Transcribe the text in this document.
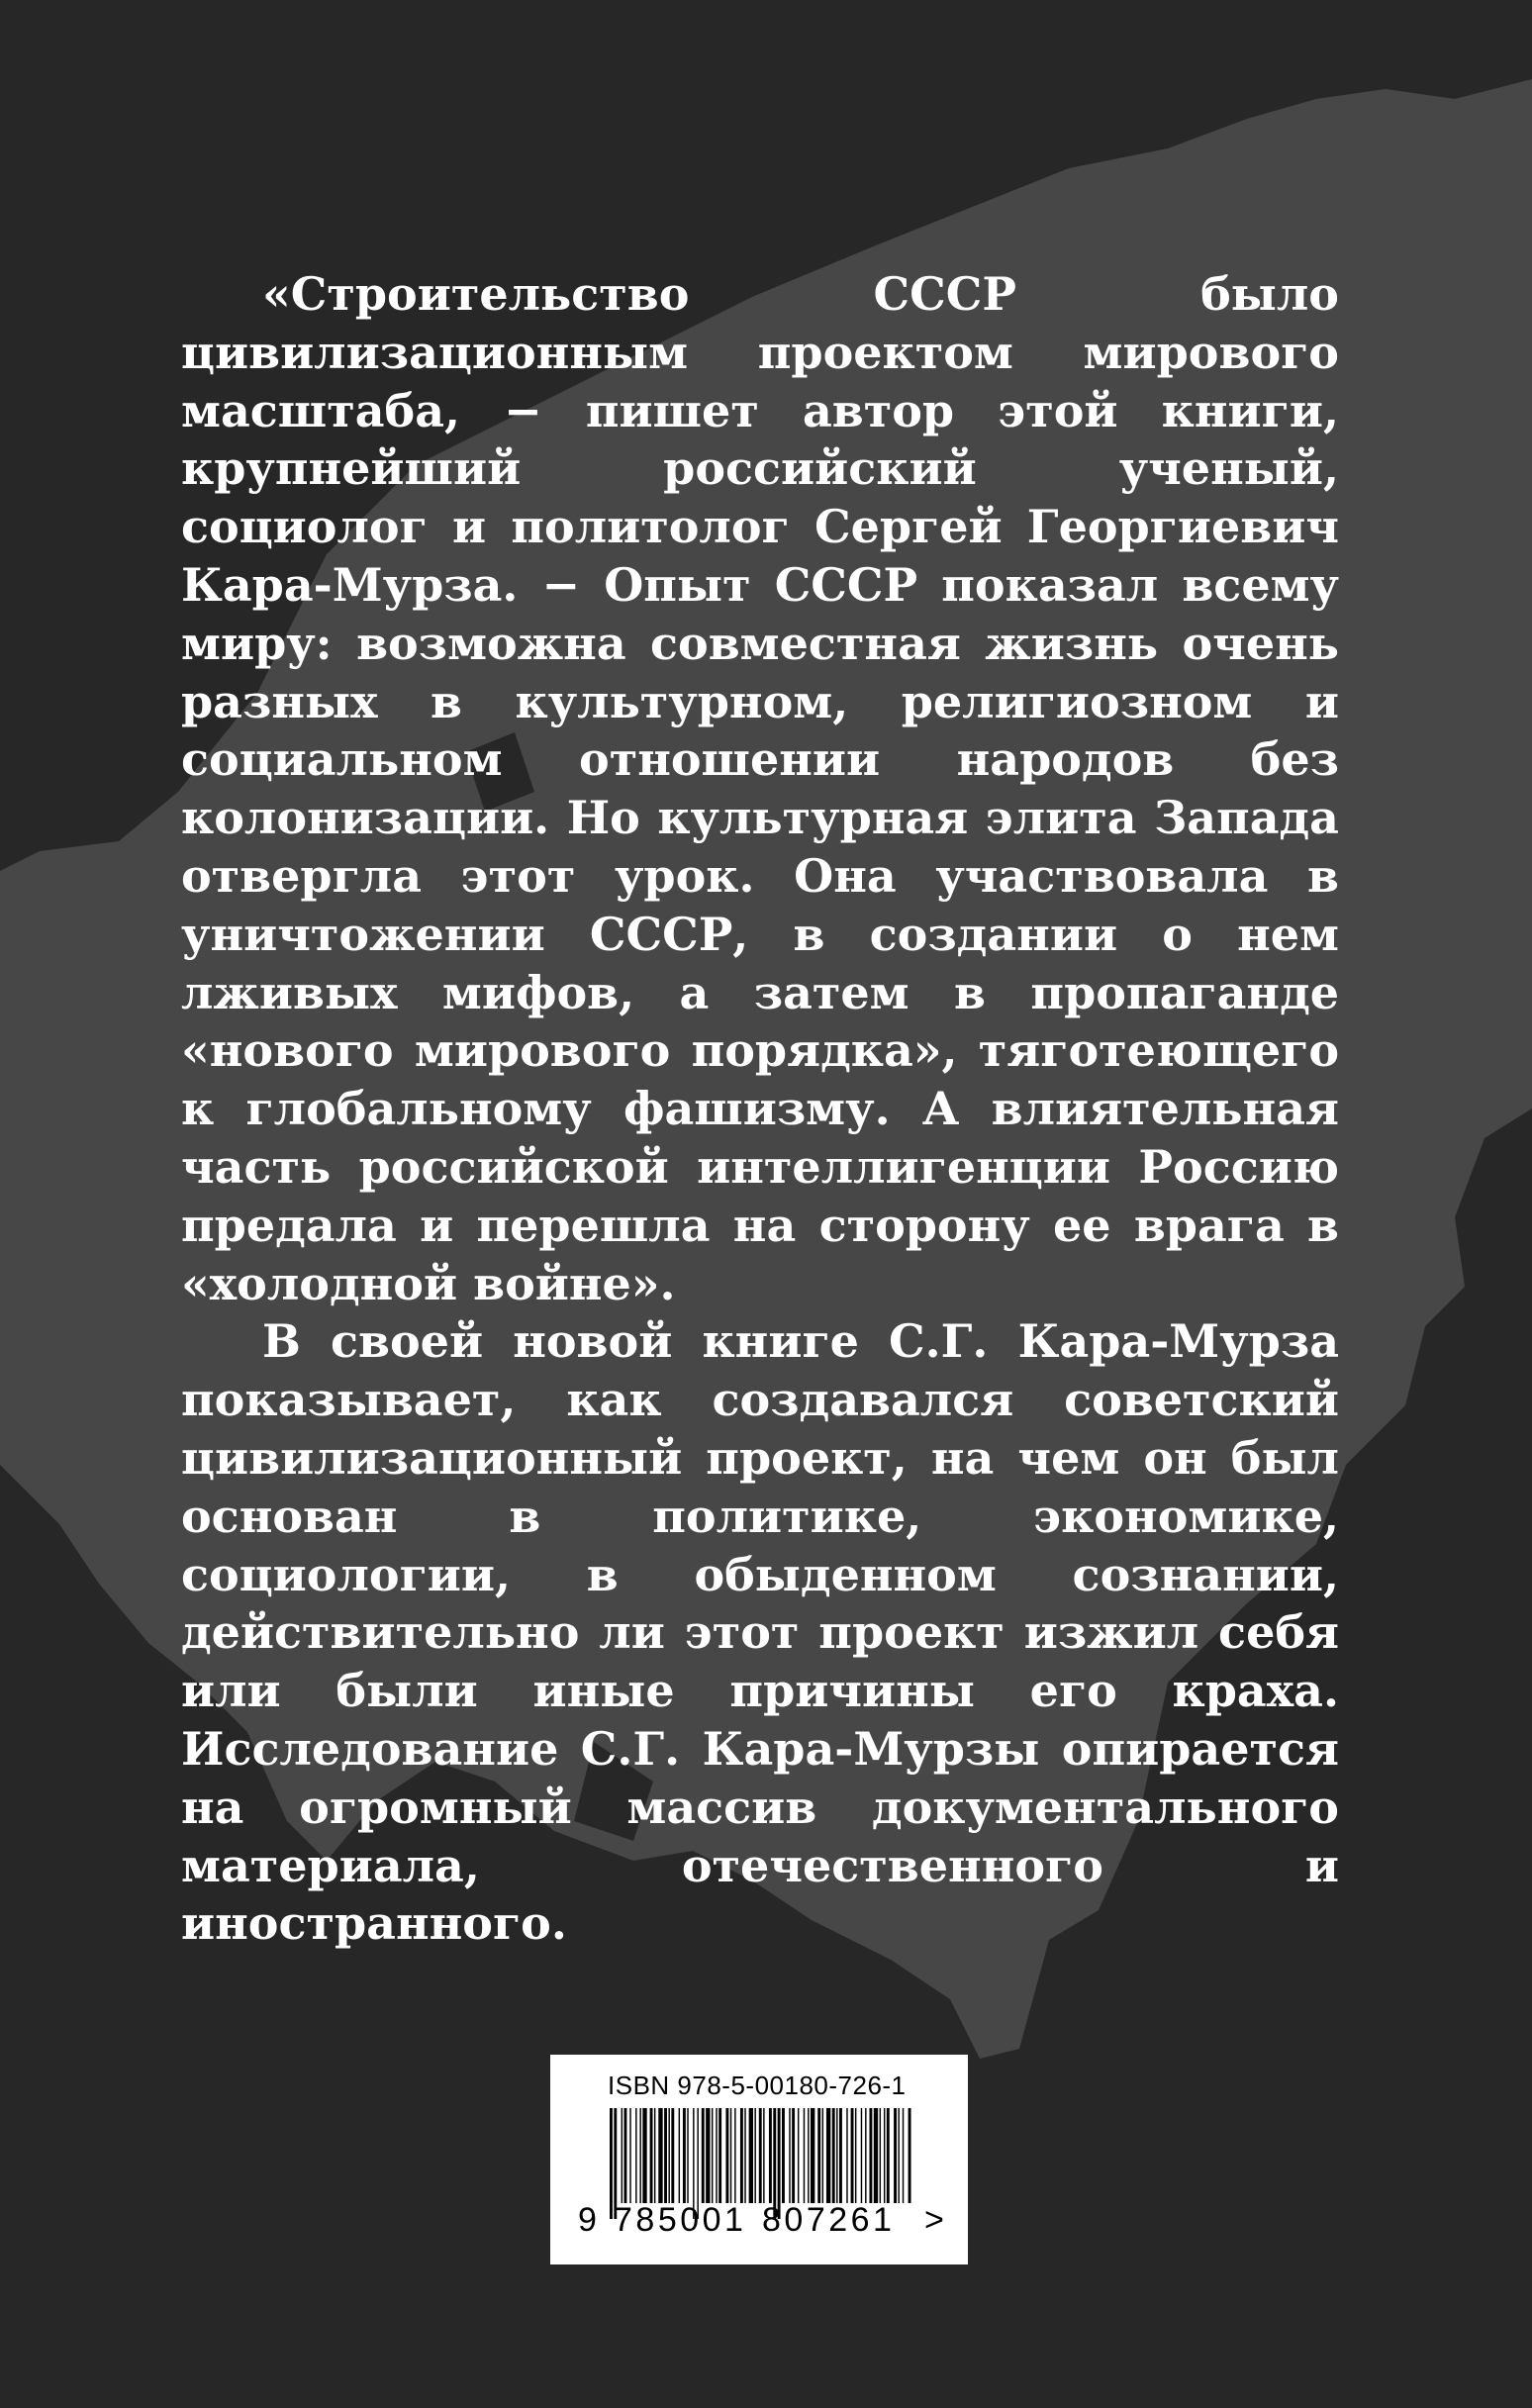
«Строительство СССР было цивилизационным проектом мирового масштаба, − пишет автор этой книги, крупнейший российский ученый, социолог и политолог Сергей Георгиевич Кара-Мурза. − Опыт СССР показал всему миру: возможна совместная жизнь очень разных в культурном, религиозном и социальном отношении народов без колонизации. Но культурная элита Запада отвергла этот урок. Она участвовала в уничтожении СССР, в создании о нем лживых мифов, а затем в пропаганде «нового мирового порядка», тяготеющего к глобальному фашизму. А влиятельная часть российской интеллигенции Россию предала и перешла на сторону ее врага в «холодной войне».

В своей новой книге С.Г. Кара-Мурза показывает, как создавался советский цивилизационный проект, на чем он был основан в политике, экономике, социологии, в обыденном сознании, действительно ли этот проект изжил себя или были иные причины его краха. Исследование С.Г. Кара-Мурзы опирается на огромный массив документального материала, отечественного и иностранного.

ISBN 978-5-00180-726-1
9 785001 807261 >
